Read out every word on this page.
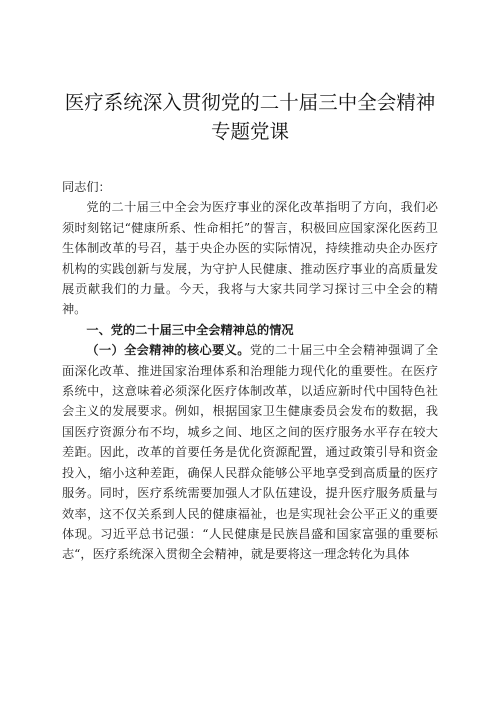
医疗系统深入贯彻党的二十届三中全会精神专题党课

同志们：

党的二十届三中全会为医疗事业的深化改革指明了方向，我们必须时刻铭记“健康所系、性命相托”的誓言，积极回应国家深化医药卫生体制改革的号召，基于央企办医的实际情况，持续推动央企办医疗机构的实践创新与发展，为守护人民健康、推动医疗事业的高质量发展贡献我们的力量。今天，我将与大家共同学习探讨三中全会的精神。

一、党的二十届三中全会精神总的情况

（一）全会精神的核心要义。党的二十届三中全会精神强调了全面深化改革、推进国家治理体系和治理能力现代化的重要性。在医疗系统中，这意味着必须深化医疗体制改革，以适应新时代中国特色社会主义的发展要求。例如，根据国家卫生健康委员会发布的数据，我国医疗资源分布不均，城乡之间、地区之间的医疗服务水平存在较大差距。因此，改革的首要任务是优化资源配置，通过政策引导和资金投入，缩小这种差距，确保人民群众能够公平地享受到高质量的医疗服务。同时，医疗系统需要加强人才队伍建设，提升医疗服务质量与效率，这不仅关系到人民的健康福祉，也是实现社会公平正义的重要体现。习近平总书记强：“人民健康是民族昌盛和国家富强的重要标志“，医疗系统深入贯彻全会精神，就是要将这一理念转化为具体
